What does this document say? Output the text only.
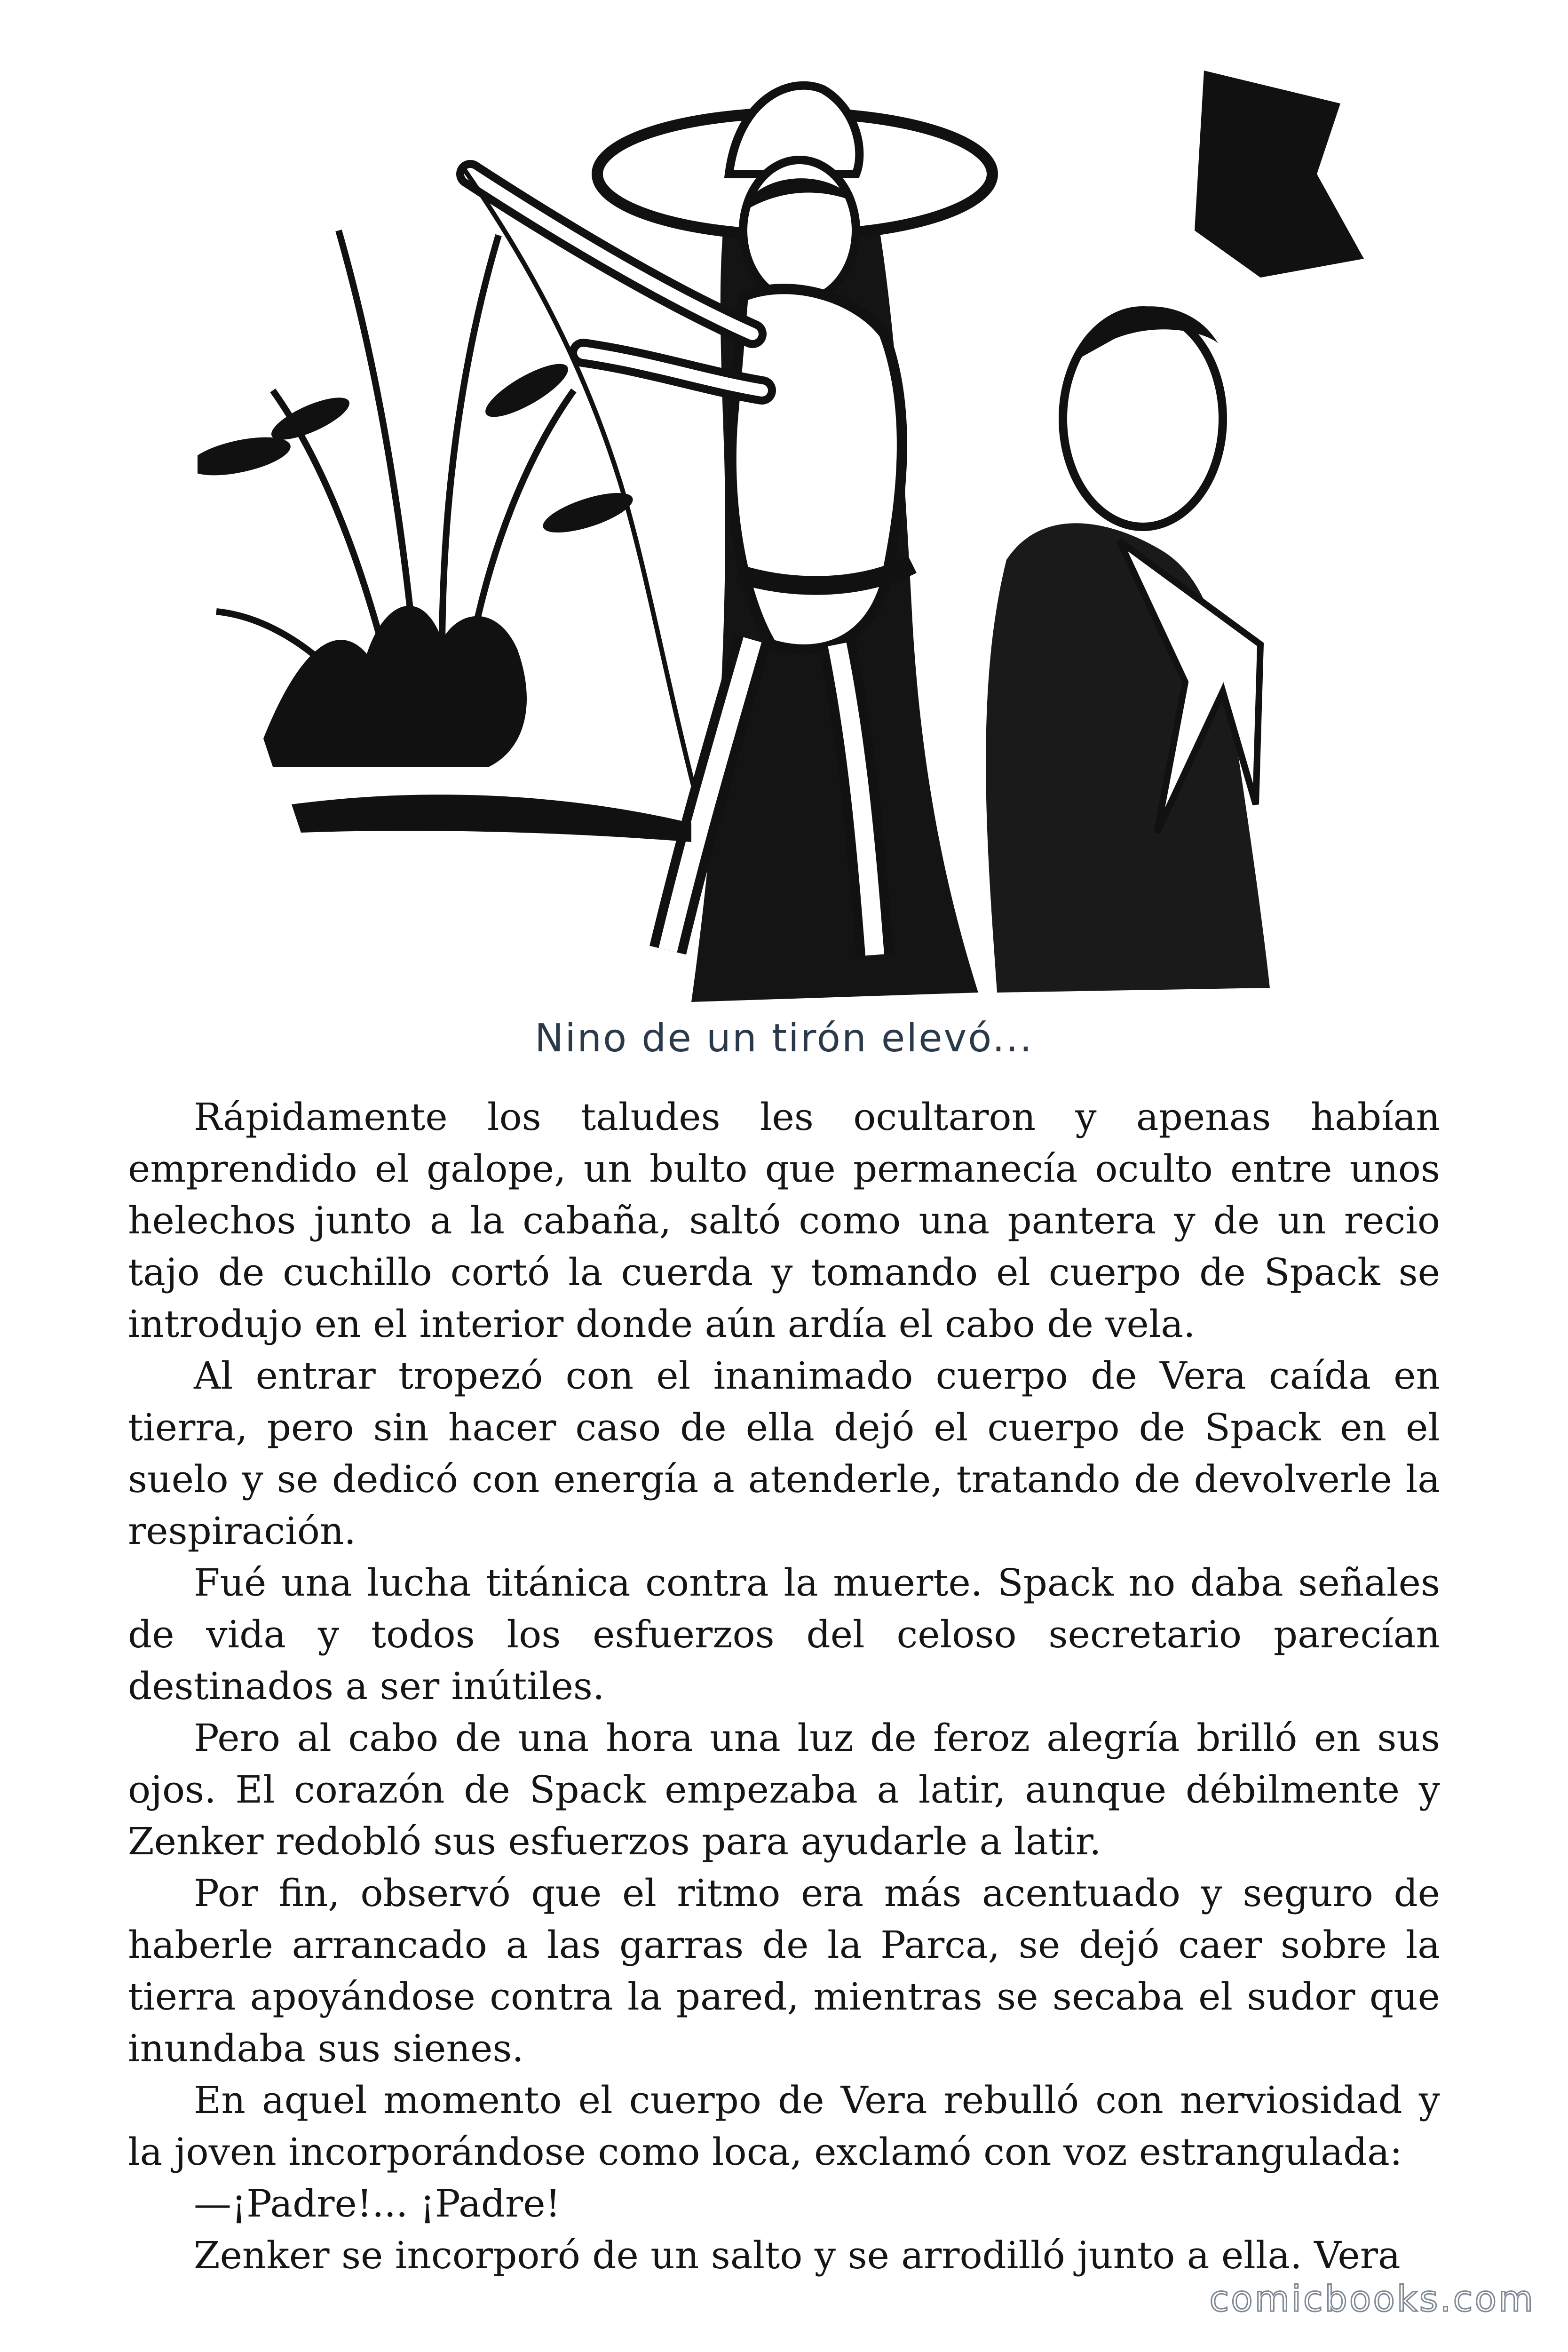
Nino de un tirón elevó...

Rápidamente los taludes les ocultaron y apenas habían emprendido el galope, un bulto que permanecía oculto entre unos helechos junto a la cabaña, saltó como una pantera y de un recio tajo de cuchillo cortó la cuerda y tomando el cuerpo de Spack se introdujo en el interior donde aún ardía el cabo de vela.

Al entrar tropezó con el inanimado cuerpo de Vera caída en tierra, pero sin hacer caso de ella dejó el cuerpo de Spack en el suelo y se dedicó con energía a atenderle, tratando de devolverle la respiración.

Fué una lucha titánica contra la muerte. Spack no daba señales de vida y todos los esfuerzos del celoso secretario parecían destinados a ser inútiles.

Pero al cabo de una hora una luz de feroz alegría brilló en sus ojos. El corazón de Spack empezaba a latir, aunque débilmente y Zenker redobló sus esfuerzos para ayudarle a latir.

Por fin, observó que el ritmo era más acentuado y seguro de haberle arrancado a las garras de la Parca, se dejó caer sobre la tierra apoyándose contra la pared, mientras se secaba el sudor que inundaba sus sienes.

En aquel momento el cuerpo de Vera rebulló con nerviosidad y la joven incorporándose como loca, exclamó con voz estrangulada:

—¡Padre!... ¡Padre!

Zenker se incorporó de un salto y se arrodilló junto a ella. Vera

comicbooks.com
